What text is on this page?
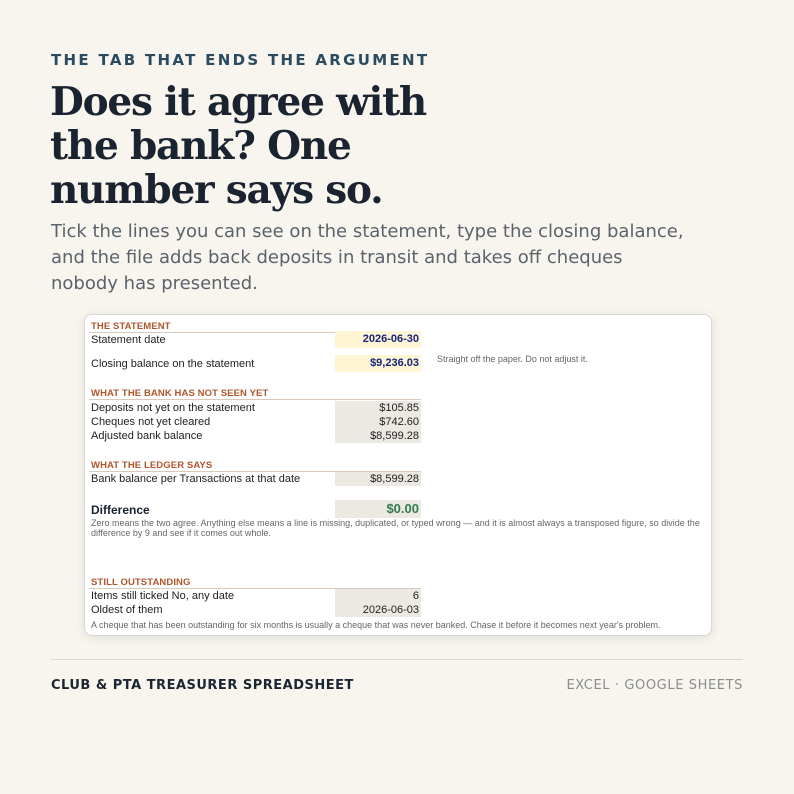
THE TAB THAT ENDS THE ARGUMENT
Does it agree with the bank? One number says so.

Tick the lines you can see on the statement, type the closing balance, and the file adds back deposits in transit and takes off cheques nobody has presented.

THE STATEMENT
Statement date	2026-06-30
Closing balance on the statement	$9,236.03 Straight off the paper. Do not adjust it.
WHAT THE BANK HAS NOT SEEN YET
Deposits not yet on the statement	$105.85
Cheques not yet cleared	$742.60
Adjusted bank balance	$8,599.28
WHAT THE LEDGER SAYS
Bank balance per Transactions at that date	$8,599.28
Difference	$0.00
Zero means the two agree. Anything else means a line is missing, duplicated, or typed wrong — and it is almost always a transposed figure, so divide the difference by 9 and see if it comes out whole.
STILL OUTSTANDING
Items still ticked No, any date	6
Oldest of them	2026-06-03
A cheque that has been outstanding for six months is usually a cheque that was never banked. Chase it before it becomes next year's problem.
CLUB & PTA TREASURER SPREADSHEET	EXCEL · GOOGLE SHEETS
